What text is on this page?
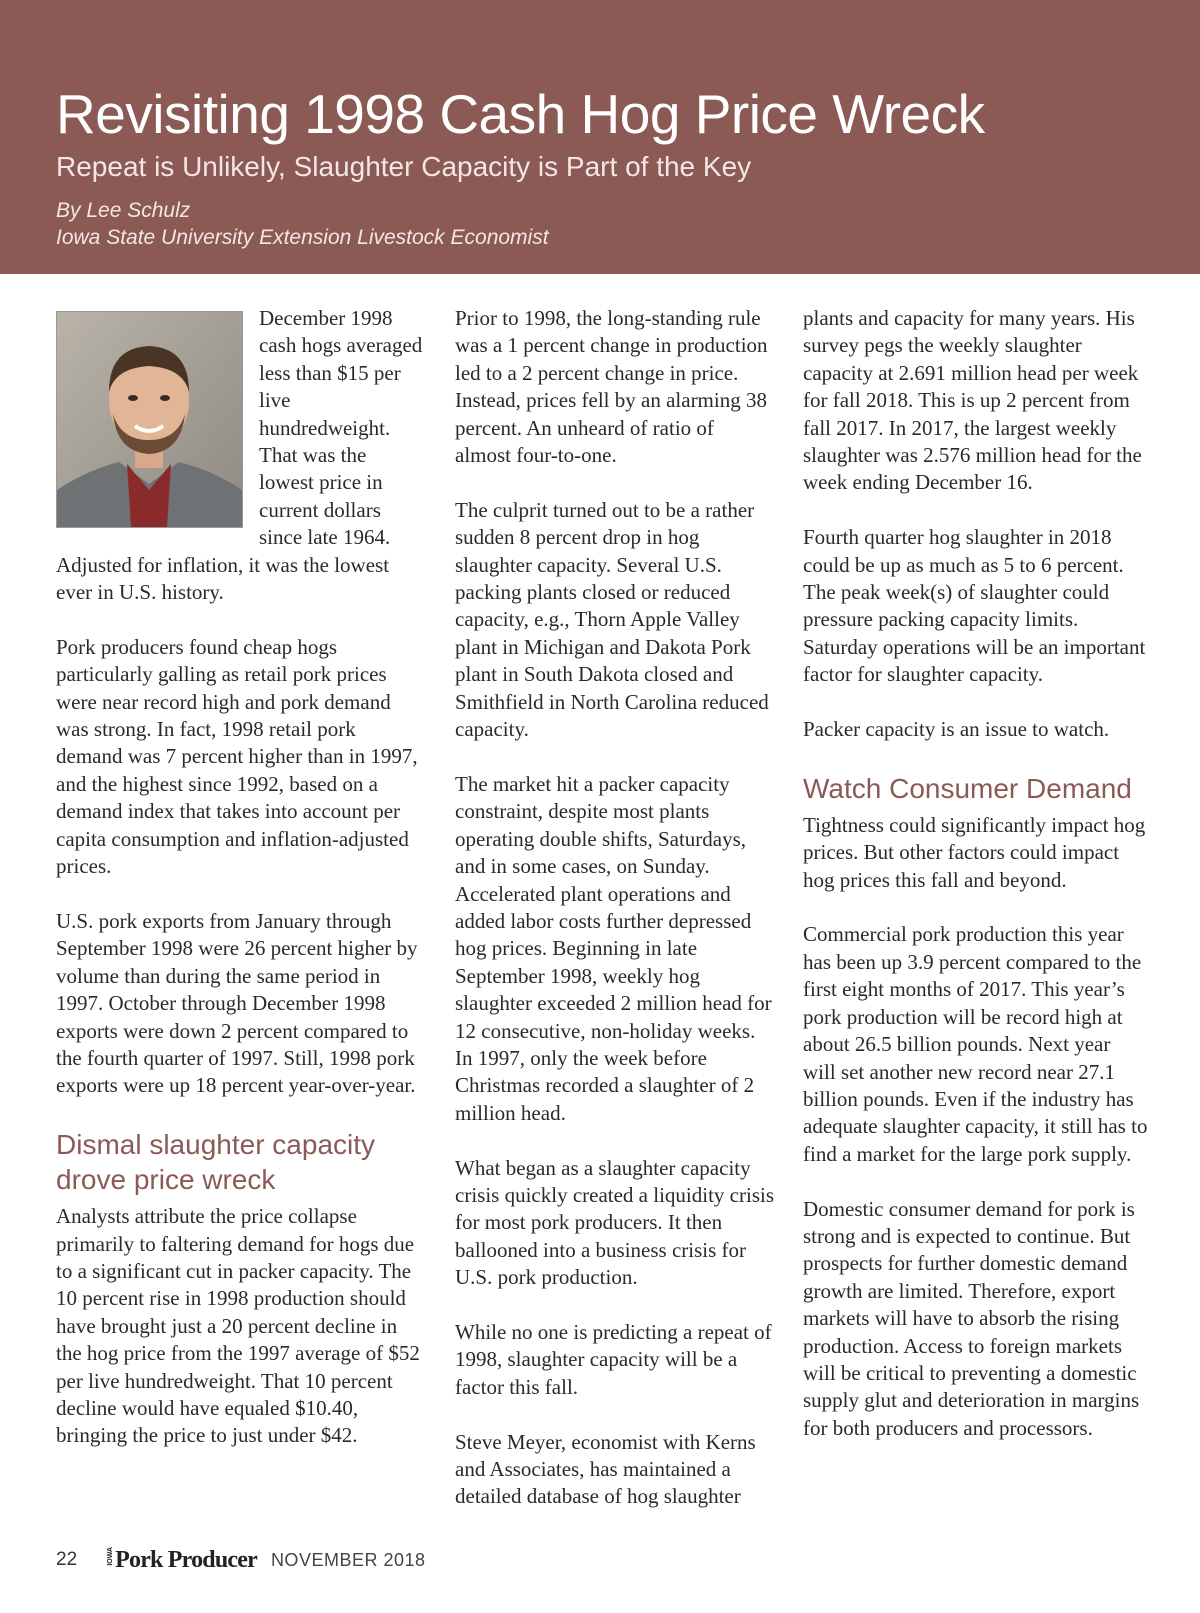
Revisiting 1998 Cash Hog Price Wreck
Repeat is Unlikely, Slaughter Capacity is Part of the Key
By Lee Schulz
Iowa State University Extension Livestock Economist

December 1998 cash hogs averaged less than $15 per live hundredweight. That was the lowest price in current dollars since late 1964. Adjusted for inflation, it was the lowest ever in U.S. history.

Pork producers found cheap hogs particularly galling as retail pork prices were near record high and pork demand was strong. In fact, 1998 retail pork demand was 7 percent higher than in 1997, and the highest since 1992, based on a demand index that takes into account per capita consumption and inflation-adjusted prices.

U.S. pork exports from January through September 1998 were 26 percent higher by volume than during the same period in 1997. October through December 1998 exports were down 2 percent compared to the fourth quarter of 1997. Still, 1998 pork exports were up 18 percent year-over-year.

Dismal slaughter capacity drove price wreck

Analysts attribute the price collapse primarily to faltering demand for hogs due to a significant cut in packer capacity. The 10 percent rise in 1998 production should have brought just a 20 percent decline in the hog price from the 1997 average of $52 per live hundredweight. That 10 percent decline would have equaled $10.40, bringing the price to just under $42.

Prior to 1998, the long-standing rule was a 1 percent change in production led to a 2 percent change in price. Instead, prices fell by an alarming 38 percent. An unheard of ratio of almost four-to-one.

The culprit turned out to be a rather sudden 8 percent drop in hog slaughter capacity. Several U.S. packing plants closed or reduced capacity, e.g., Thorn Apple Valley plant in Michigan and Dakota Pork plant in South Dakota closed and Smithfield in North Carolina reduced capacity.

The market hit a packer capacity constraint, despite most plants operating double shifts, Saturdays, and in some cases, on Sunday. Accelerated plant operations and added labor costs further depressed hog prices. Beginning in late September 1998, weekly hog slaughter exceeded 2 million head for 12 consecutive, non-holiday weeks. In 1997, only the week before Christmas recorded a slaughter of 2 million head.

What began as a slaughter capacity crisis quickly created a liquidity crisis for most pork producers. It then ballooned into a business crisis for U.S. pork production.

While no one is predicting a repeat of 1998, slaughter capacity will be a factor this fall.

Steve Meyer, economist with Kerns and Associates, has maintained a detailed database of hog slaughter

plants and capacity for many years. His survey pegs the weekly slaughter capacity at 2.691 million head per week for fall 2018. This is up 2 percent from fall 2017. In 2017, the largest weekly slaughter was 2.576 million head for the week ending December 16.

Fourth quarter hog slaughter in 2018 could be up as much as 5 to 6 percent. The peak week(s) of slaughter could pressure packing capacity limits. Saturday operations will be an important factor for slaughter capacity.

Packer capacity is an issue to watch.

Watch Consumer Demand

Tightness could significantly impact hog prices. But other factors could impact hog prices this fall and beyond.

Commercial pork production this year has been up 3.9 percent compared to the first eight months of 2017. This year’s pork production will be record high at about 26.5 billion pounds. Next year will set another new record near 27.1 billion pounds. Even if the industry has adequate slaughter capacity, it still has to find a market for the large pork supply.

Domestic consumer demand for pork is strong and is expected to continue. But prospects for further domestic demand growth are limited. Therefore, export markets will have to absorb the rising production. Access to foreign markets will be critical to preventing a domestic supply glut and deterioration in margins for both producers and processors.

22	IOWAPork Producer NOVEMBER 2018
